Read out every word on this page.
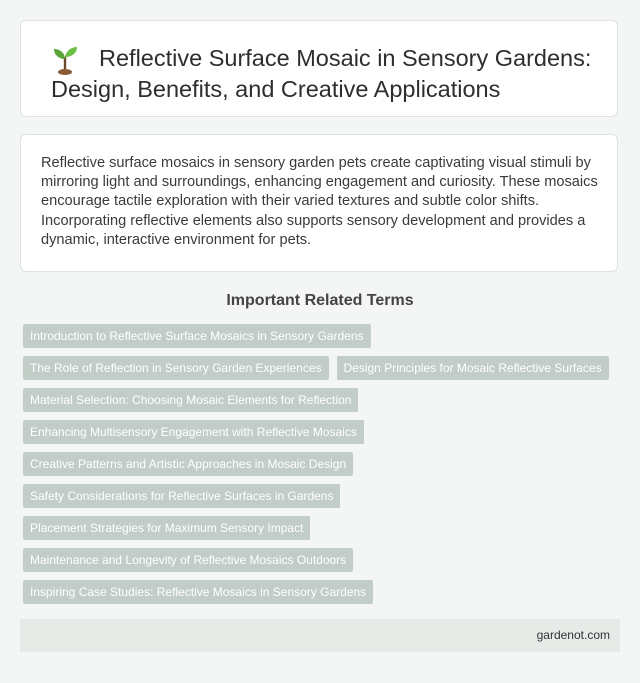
Reflective Surface Mosaic in Sensory Gardens: Design, Benefits, and Creative Applications

Reflective surface mosaics in sensory garden pets create captivating visual stimuli by mirroring light and surroundings, enhancing engagement and curiosity. These mosaics encourage tactile exploration with their varied textures and subtle color shifts. Incorporating reflective elements also supports sensory development and provides a dynamic, interactive environment for pets.

Important Related Terms
Introduction to Reflective Surface Mosaics in Sensory Gardens
The Role of Reflection in Sensory Garden Experiences	Design Principles for Mosaic Reflective Surfaces
Material Selection: Choosing Mosaic Elements for Reflection
Enhancing Multisensory Engagement with Reflective Mosaics
Creative Patterns and Artistic Approaches in Mosaic Design
Safety Considerations for Reflective Surfaces in Gardens
Placement Strategies for Maximum Sensory Impact
Maintenance and Longevity of Reflective Mosaics Outdoors
Inspiring Case Studies: Reflective Mosaics in Sensory Gardens
gardenot.com
